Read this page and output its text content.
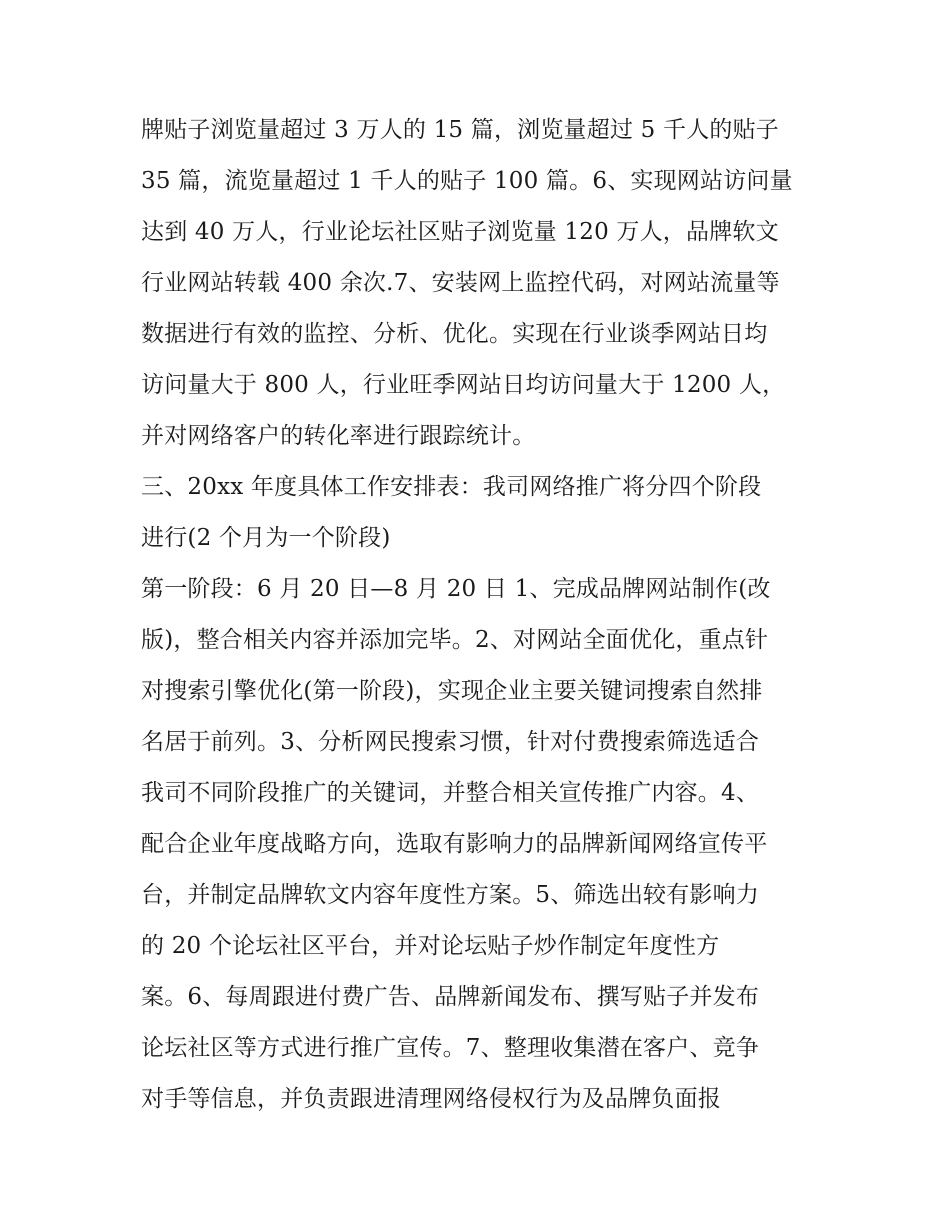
牌贴子浏览量超过 3 万人的 15 篇，浏览量超过 5 千人的贴子
35 篇，流览量超过 1 千人的贴子 100 篇。6、实现网站访问量
达到 40 万人，行业论坛社区贴子浏览量 120 万人，品牌软文
行业网站转载 400 余次.7、安装网上监控代码，对网站流量等
数据进行有效的监控、分析、优化。实现在行业谈季网站日均
访问量大于 800 人，行业旺季网站日均访问量大于 1200 人，
并对网络客户的转化率进行跟踪统计。
三、20xx 年度具体工作安排表：我司网络推广将分四个阶段
进行(2 个月为一个阶段)
第一阶段：6 月 20 日—8 月 20 日 1、完成品牌网站制作(改
版)，整合相关内容并添加完毕。2、对网站全面优化，重点针
对搜索引擎优化(第一阶段)，实现企业主要关键词搜索自然排
名居于前列。3、分析网民搜索习惯，针对付费搜索筛选适合
我司不同阶段推广的关键词，并整合相关宣传推广内容。4、
配合企业年度战略方向，选取有影响力的品牌新闻网络宣传平
台，并制定品牌软文内容年度性方案。5、筛选出较有影响力
的 20 个论坛社区平台，并对论坛贴子炒作制定年度性方
案。6、每周跟进付费广告、品牌新闻发布、撰写贴子并发布
论坛社区等方式进行推广宣传。7、整理收集潜在客户、竞争
对手等信息，并负责跟进清理网络侵权行为及品牌负面报
